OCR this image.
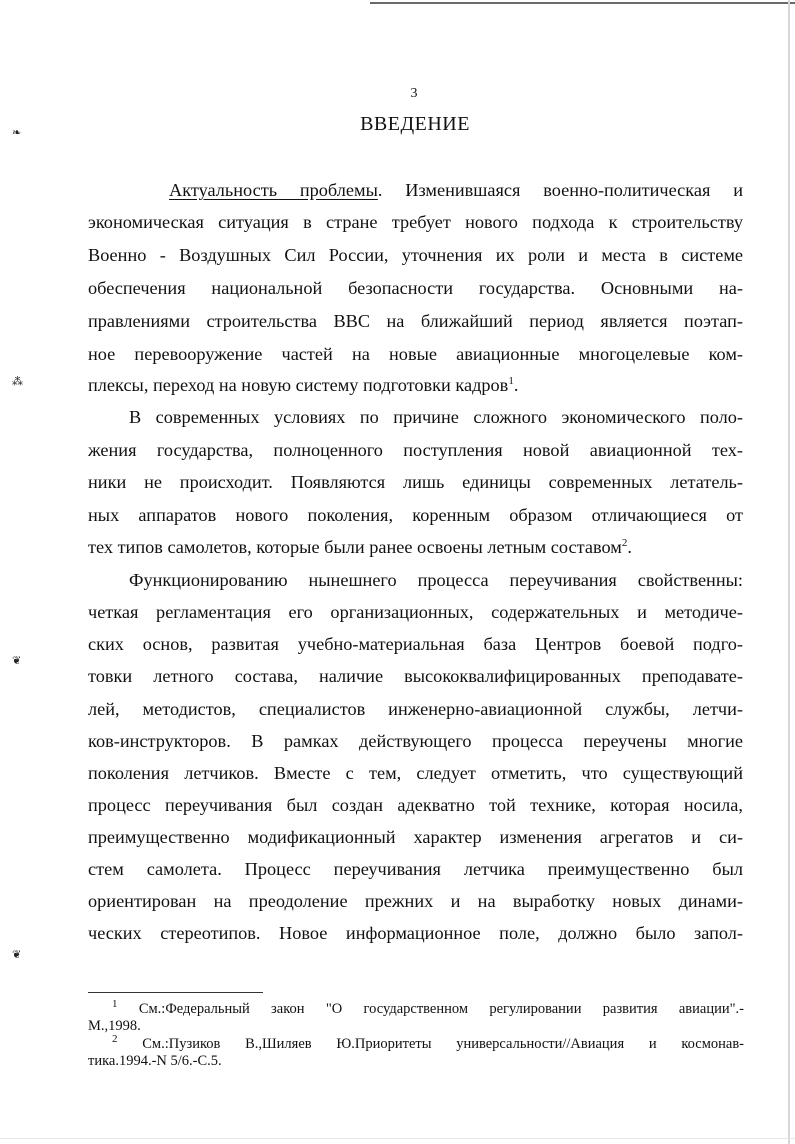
❧
⁂
❦
❦
3
ВВЕДЕНИЕ
Актуальность проблемы. Изменившаяся военно-политическая и
экономическая ситуация в стране требует нового подхода к строительству
Военно - Воздушных Сил России, уточнения их роли и места в системе
обеспечения национальной безопасности государства. Основными на-
правлениями строительства ВВС на ближайший период является поэтап-
ное перевооружение частей на новые авиационные многоцелевые ком-
плексы, переход на новую систему подготовки кадров$^1$.
В современных условиях по причине сложного экономического поло-
жения государства, полноценного поступления новой авиационной тех-
ники не происходит. Появляются лишь единицы современных летатель-
ных аппаратов нового поколения, коренным образом отличающиеся от
тех типов самолетов, которые были ранее освоены летным составом$^2$.
Функционированию нынешнего процесса переучивания свойственны:
четкая регламентация его организационных, содержательных и методиче-
ских основ, развитая учебно-материальная база Центров боевой подго-
товки летного состава, наличие высококвалифицированных преподавате-
лей, методистов, специалистов инженерно-авиационной службы, летчи-
ков-инструкторов. В рамках действующего процесса переучены многие
поколения летчиков. Вместе с тем, следует отметить, что существующий
процесс переучивания был создан адекватно той технике, которая носила,
преимущественно модификационный характер изменения агрегатов и си-
стем самолета. Процесс переучивания летчика преимущественно был
ориентирован на преодоление прежних и на выработку новых динами-
ческих стереотипов. Новое информационное поле, должно было запол-
$^1$ См.:Федеральный закон "О государственном регулировании развития авиации".-
М.,1998.
$^2$ См.:Пузиков В.,Шиляев Ю.Приоритеты универсальности//Авиация и космонав-
тика.1994.-N 5/6.-С.5.
